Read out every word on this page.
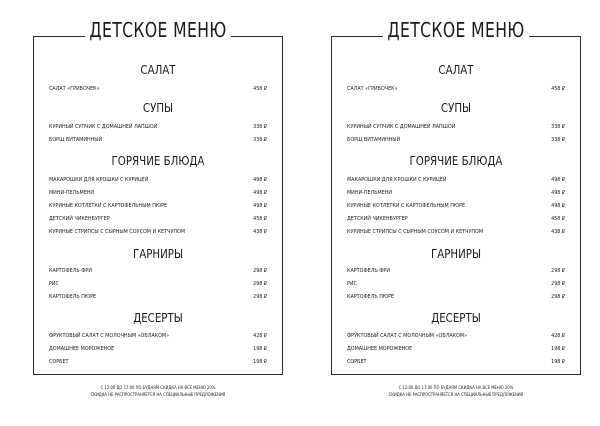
ДЕТСКОЕ МЕНЮ
САЛАТ
САЛАТ «ГРИБОЧЕК»	458 ₽
СУПЫ
КУРИНЫЙ СУПЧИК С ДОМАШНЕЙ ЛАПШОЙ	338 ₽
БОРЩ ВИТАМИННЫЙ	338 ₽
ГОРЯЧИЕ БЛЮДА
МАКАРОШКИ ДЛЯ КРОШКИ С КУРИЦЕЙ	498 ₽
МИНИ-ПЕЛЬМЕНИ	498 ₽
КУРИНЫЕ КОТЛЕТКИ С КАРТОФЕЛЬНЫМ ПЮРЕ	498 ₽
ДЕТСКИЙ ЧИКЕНБУРГЕР	458 ₽
КУРИНЫЕ СТРИПСЫ С СЫРНЫМ СОУСОМ И КЕТЧУПОМ	438 ₽
ГАРНИРЫ
КАРТОФЕЛЬ ФРИ	298 ₽
РИС	298 ₽
КАРТОФЕЛЬ ПЮРЕ	298 ₽
ДЕСЕРТЫ
ФРУКТОВЫЙ САЛАТ С МОЛОЧНЫМ «ОБЛАКОМ»	428 ₽
ДОМАШНЕЕ МОРОЖЕНОЕ	198 ₽
СОРБЕТ	198 ₽
С 12:00 ДО 17:00 ПО БУДНЯМ СКИДКА НА ВСЕ МЕНЮ 20%
СКИДКА НЕ РАСПРОСТРАНЯЕТСЯ НА СПЕЦИАЛЬНЫЕ ПРЕДЛОЖЕНИЯ
ДЕТСКОЕ МЕНЮ
САЛАТ
САЛАТ «ГРИБОЧЕК»	458 ₽
СУПЫ
КУРИНЫЙ СУПЧИК С ДОМАШНЕЙ ЛАПШОЙ	338 ₽
БОРЩ ВИТАМИННЫЙ	338 ₽
ГОРЯЧИЕ БЛЮДА
МАКАРОШКИ ДЛЯ КРОШКИ С КУРИЦЕЙ	498 ₽
МИНИ-ПЕЛЬМЕНИ	498 ₽
КУРИНЫЕ КОТЛЕТКИ С КАРТОФЕЛЬНЫМ ПЮРЕ	498 ₽
ДЕТСКИЙ ЧИКЕНБУРГЕР	458 ₽
КУРИНЫЕ СТРИПСЫ С СЫРНЫМ СОУСОМ И КЕТЧУПОМ	438 ₽
ГАРНИРЫ
КАРТОФЕЛЬ ФРИ	298 ₽
РИС	298 ₽
КАРТОФЕЛЬ ПЮРЕ	298 ₽
ДЕСЕРТЫ
ФРУКТОВЫЙ САЛАТ С МОЛОЧНЫМ «ОБЛАКОМ»	428 ₽
ДОМАШНЕЕ МОРОЖЕНОЕ	198 ₽
СОРБЕТ	198 ₽
С 12:00 ДО 17:00 ПО БУДНЯМ СКИДКА НА ВСЕ МЕНЮ 20%
СКИДКА НЕ РАСПРОСТРАНЯЕТСЯ НА СПЕЦИАЛЬНЫЕ ПРЕДЛОЖЕНИЯ
